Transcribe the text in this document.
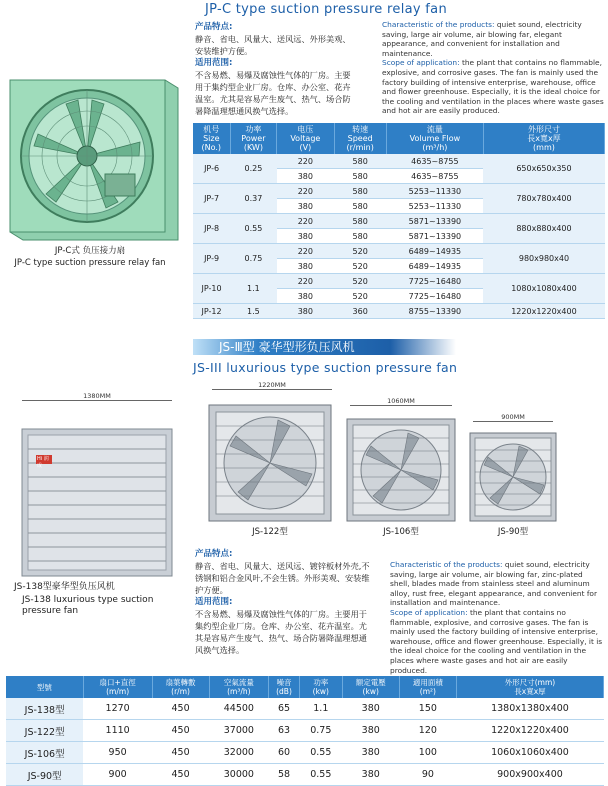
JP-C type suction pressure relay fan
JP-C式 负压接力扇
JP-C type suction pressure relay fan
产品特点:
静音、省电、风量大、送风远、外形美观、安装维护方便。
适用范围:
不含易燃、易爆及腐蚀性气体的厂房。主要用于集约型企业厂房。仓库、办公室、花卉温室。尤其是容易产生废气、热气、场合防暑降温理想通风换气选择。
Characteristic of the products: quiet sound, electricity saving, large air volume, air blowing far, elegant appearance, and convenient for installation and maintenance.
Scope of application: the plant that contains no flammable, explosive, and corrosive gases. The fan is mainly used the factory building of intensive enterprise, warehouse, office and flower greenhouse. Especially, it is the ideal choice for the cooling and ventilation in the places where waste gases and hot air are easily produced.
机号
Size
(No.)	功率
Power
(KW)	电压
Voltage
(V)	转速
Speed
(r/min)	流量
Volume Flow
(m³/h)	外形尺寸
長x寬x厚
(mm)
JP-6	0.25	220	580	4635~8755	650x650x350
		380	580	4635~8755	
JP-7	0.37	220	580	5253~11330	780x780x400
		380	580	5253~11330	
JP-8	0.55	220	580	5871~13390	880x880x400
		380	580	5871~13390	
JP-9	0.75	220	520	6489~14935	980x980x40
		380	520	6489~14935	
JP-10	1.1	220	520	7725~16480	1080x1080x400
		380	520	7725~16480	
JP-12	1.5	380	360	8755~13390	1220x1220x400
JS-Ⅲ型 豪华型形负压风机
JS-III luxurious type suction pressure fan
1380MM
Hi 润成
JS-138型豪华型负压风机
JS-138 luxurious type suction pressure fan
1220MM
JS-122型
1060MM
JS-106型
900MM
JS-90型
产品特点:
静音、省电、风量大、送风远、镀锌板材外壳,不锈钢和铝合金风叶,不会生锈。外形美观、安装维护方便。
适用范围:
不含易燃、易爆及腐蚀性气体的厂房。主要用于集约型企业厂房。仓库、办公室、花卉温室。尤其是容易产生废气、热气、场合防暑降温理想通风换气选择。
Characteristic of the products: quiet sound, electricity saving, large air volume, air blowing far, zinc-plated shell, blades made from stainless steel and aluminum alloy, rust free, elegant appearance, and convenient for installation and maintenance.
Scope of application: the plant that contains no flammable, explosive, and corrosive gases. The fan is mainly used the factory building of intensive enterprise, warehouse, office and flower greenhouse. Especially, it is the ideal choice for the cooling and ventilation in the places where waste gases and hot air are easily produced.
型號	扇口+直徑
(m/m)	扇葉轉數
(r/m)	空氣流量
(m³/h)	噪音
(dB)	功率
(kw)	額定電壓
(kw)	適用面積
(m²)	外形尺寸(mm)
長x寬x厚
JS-138型	1270	450	44500	65	1.1	380	150	1380x1380x400
JS-122型	1110	450	37000	63	0.75	380	120	1220x1220x400
JS-106型	950	450	32000	60	0.55	380	100	1060x1060x400
JS-90型	900	450	30000	58	0.55	380	90	900x900x400
